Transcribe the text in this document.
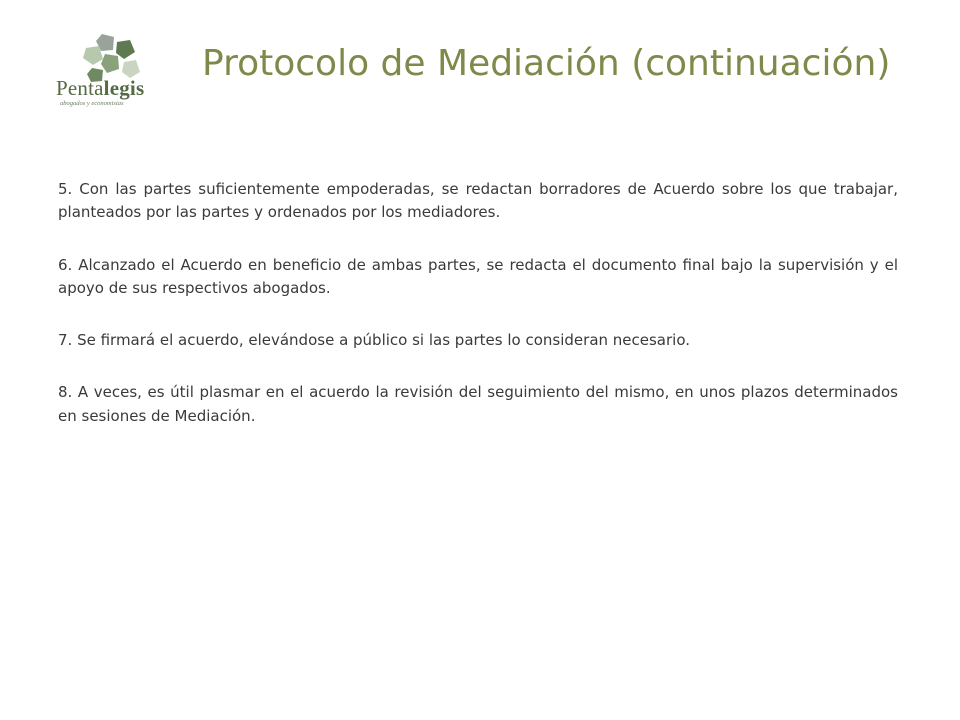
Pentalegis
abogados y economistas
Protocolo de Mediación (continuación)

5. Con las partes suficientemente empoderadas, se redactan borradores de Acuerdo sobre los que trabajar, planteados por las partes y ordenados por los mediadores.

6. Alcanzado el Acuerdo en beneficio de ambas partes, se redacta el documento final bajo la supervisión y el apoyo de sus respectivos abogados.

7. Se firmará el acuerdo, elevándose a público si las partes lo consideran necesario.

8. A veces, es útil plasmar en el acuerdo la revisión del seguimiento del mismo, en unos plazos determinados en sesiones de Mediación.
